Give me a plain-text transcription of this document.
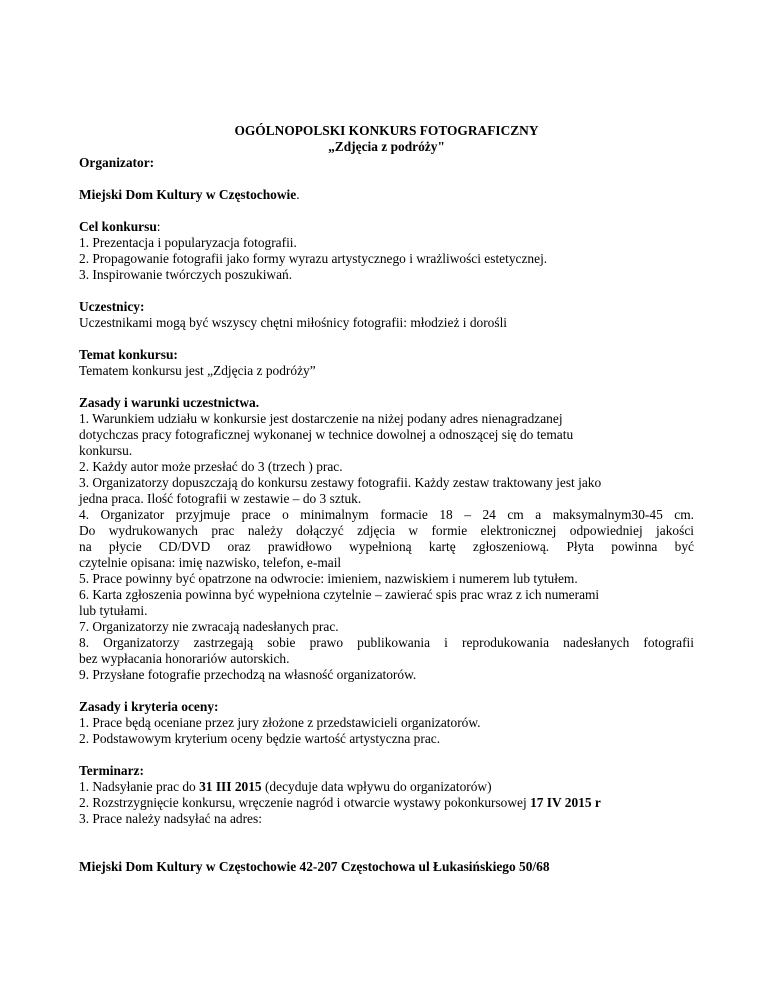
OGÓLNOPOLSKI KONKURS FOTOGRAFICZNY

„Zdjęcia z podróży"

Organizator:

Miejski Dom Kultury w Częstochowie.

Cel konkursu:

1. Prezentacja i popularyzacja fotografii.

2. Propagowanie fotografii jako formy wyrazu artystycznego i wrażliwości estetycznej.

3. Inspirowanie twórczych poszukiwań.

Uczestnicy:

Uczestnikami mogą być wszyscy chętni miłośnicy fotografii: młodzież i dorośli

Temat konkursu:

Tematem konkursu jest „Zdjęcia z podróży”

Zasady i warunki uczestnictwa.

1. Warunkiem udziału w konkursie jest dostarczenie na niżej podany adres nienagradzanej

dotychczas pracy fotograficznej wykonanej w technice dowolnej a odnoszącej się do tematu

konkursu.

2. Każdy autor może przesłać do 3 (trzech ) prac.

3. Organizatorzy dopuszczają do konkursu zestawy fotografii. Każdy zestaw traktowany jest jako

jedna praca. Ilość fotografii w zestawie – do 3 sztuk.

4. Organizator przyjmuje prace o minimalnym formacie 18 – 24 cm a maksymalnym30-45 cm.

Do wydrukowanych prac należy dołączyć zdjęcia w formie elektronicznej odpowiedniej jakości

na płycie CD/DVD oraz prawidłowo wypełnioną kartę zgłoszeniową. Płyta powinna być

czytelnie opisana: imię nazwisko, telefon, e-mail

5. Prace powinny być opatrzone na odwrocie: imieniem, nazwiskiem i numerem lub tytułem.

6. Karta zgłoszenia powinna być wypełniona czytelnie – zawierać spis prac wraz z ich numerami

lub tytułami.

7. Organizatorzy nie zwracają nadesłanych prac.

8. Organizatorzy zastrzegają sobie prawo publikowania i reprodukowania nadesłanych fotografii

bez wypłacania honorariów autorskich.

9. Przysłane fotografie przechodzą na własność organizatorów.

Zasady i kryteria oceny:

1. Prace będą oceniane przez jury złożone z przedstawicieli organizatorów.

2. Podstawowym kryterium oceny będzie wartość artystyczna prac.

Terminarz:

1. Nadsyłanie prac do 31 III 2015 (decyduje data wpływu do organizatorów)

2. Rozstrzygnięcie konkursu, wręczenie nagród i otwarcie wystawy pokonkursowej 17 IV 2015 r

3. Prace należy nadsyłać na adres:

Miejski Dom Kultury w Częstochowie 42-207 Częstochowa ul Łukasińskiego 50/68
